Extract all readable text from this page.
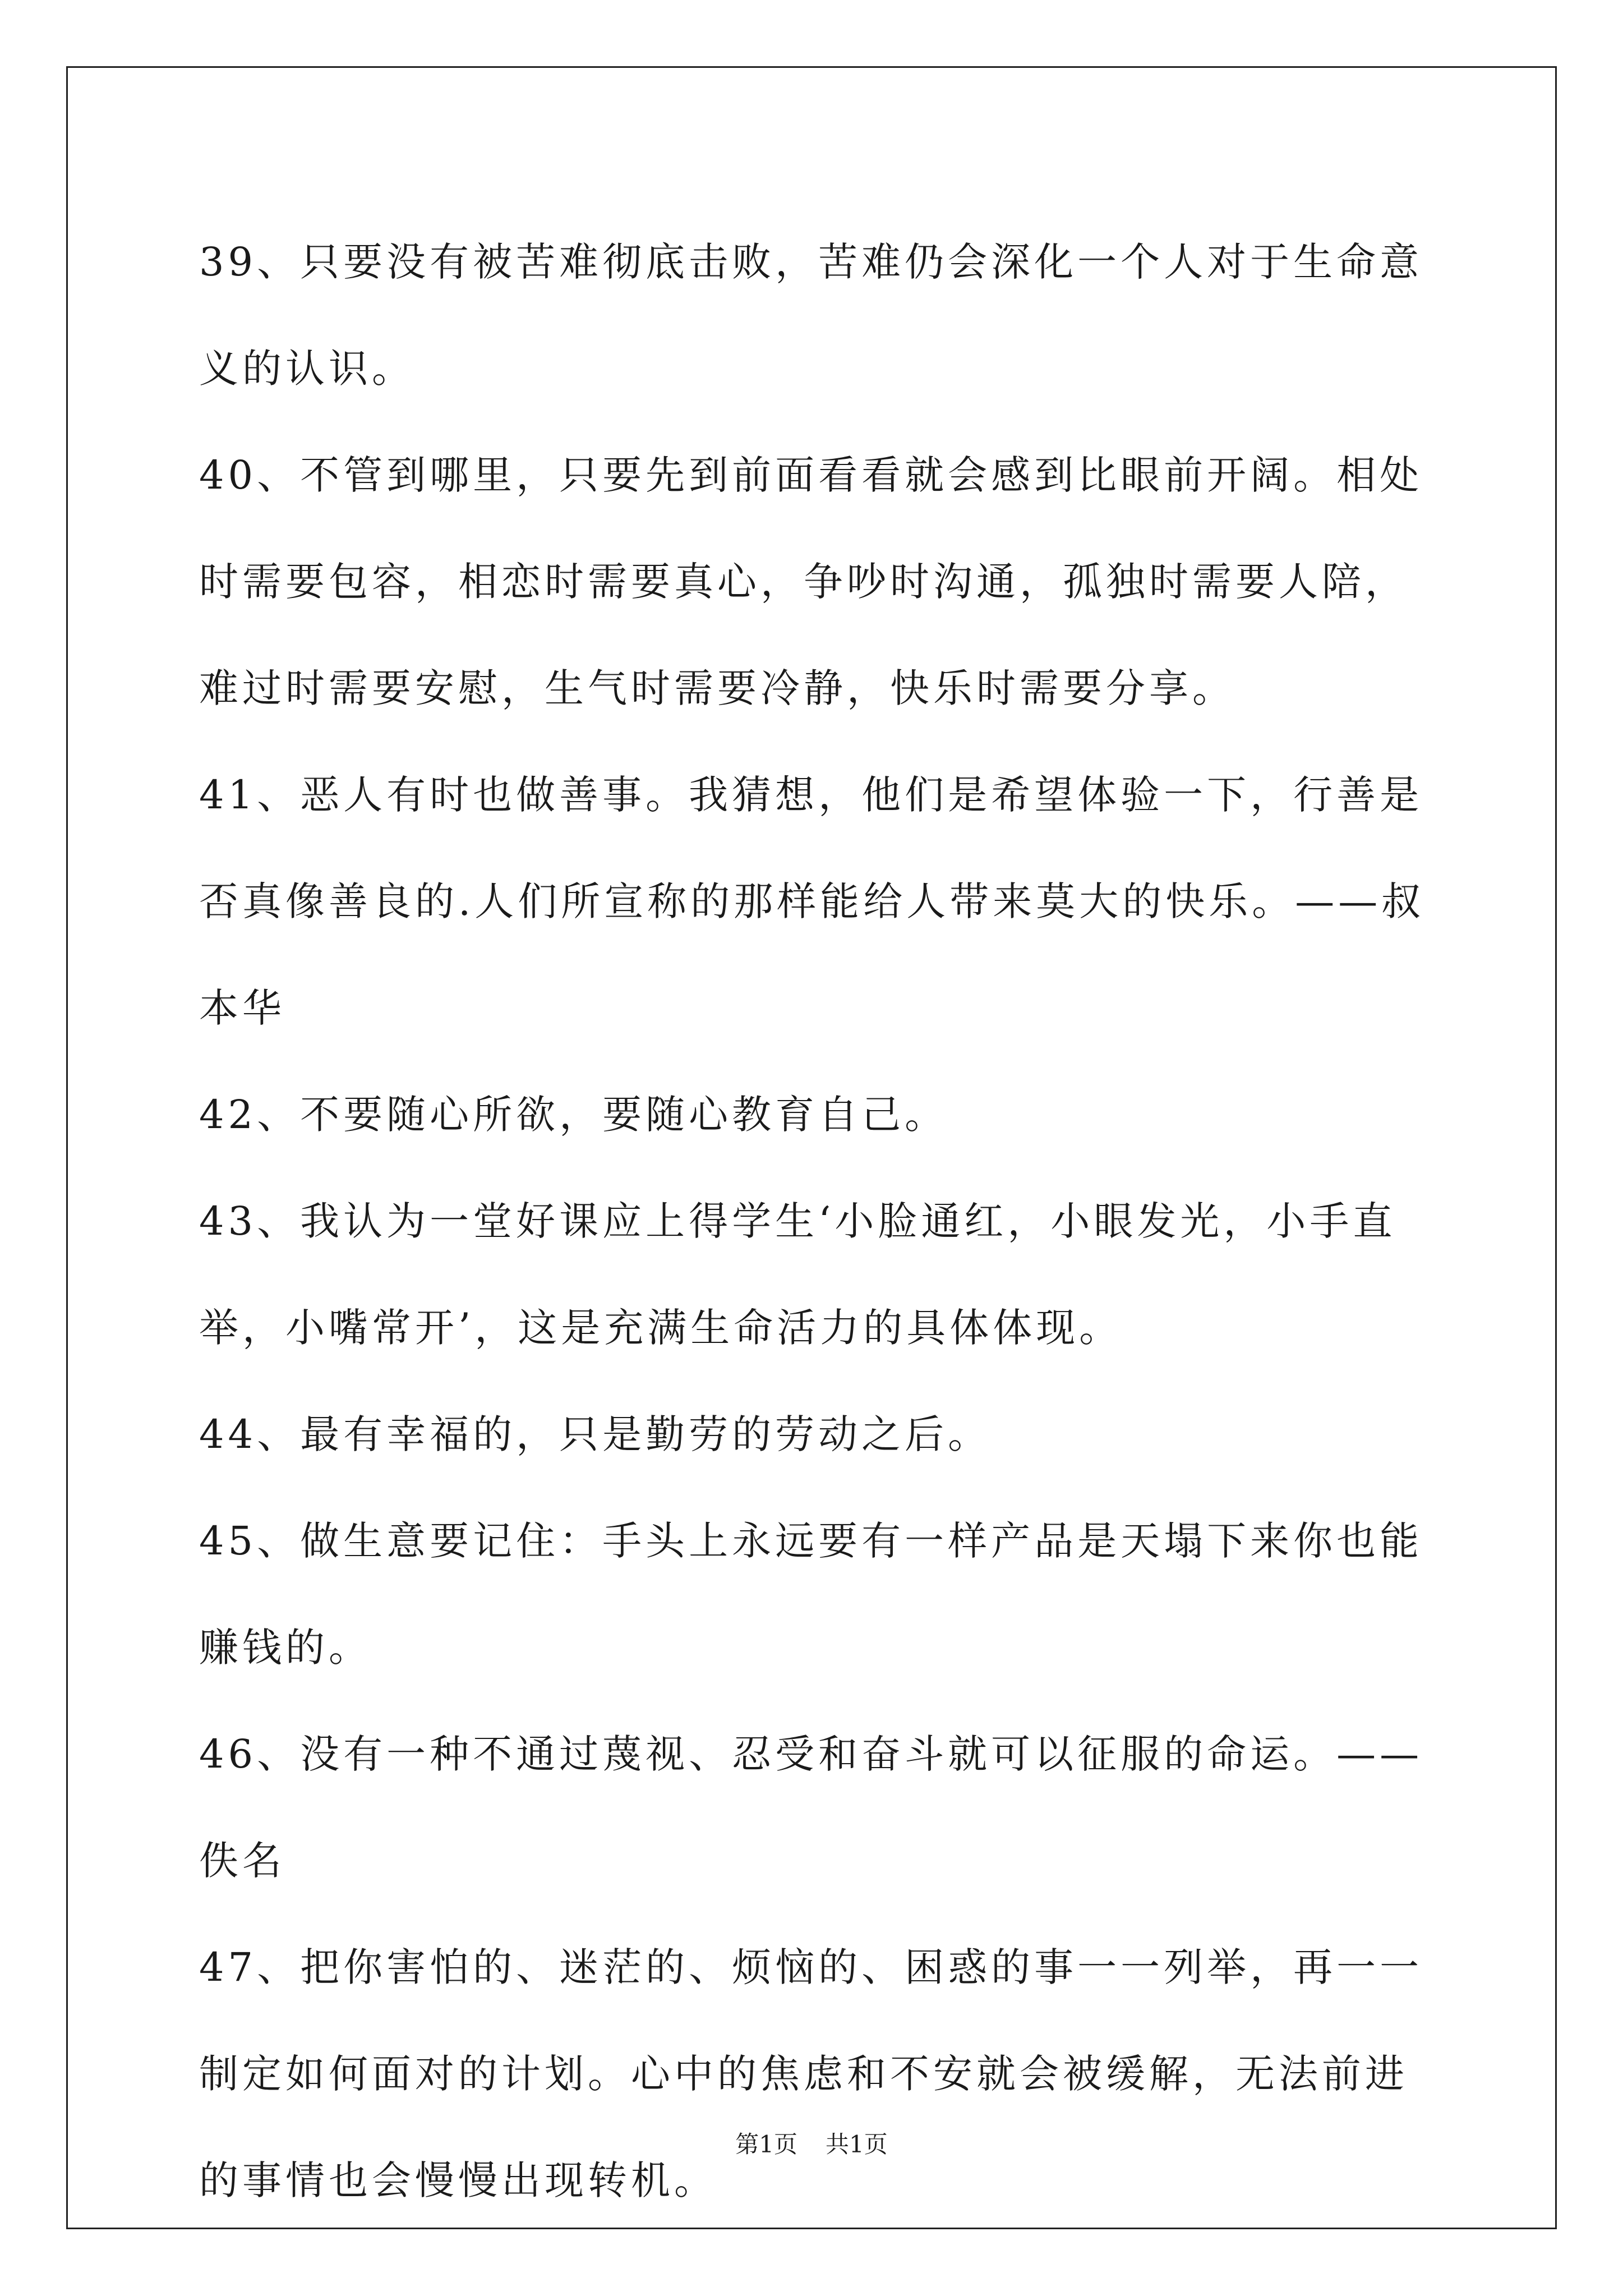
39、只要没有被苦难彻底击败，苦难仍会深化一个人对于生命意义的认识。

40、不管到哪里，只要先到前面看看就会感到比眼前开阔。相处时需要包容，相恋时需要真心，争吵时沟通，孤独时需要人陪，难过时需要安慰，生气时需要冷静，快乐时需要分享。

41、恶人有时也做善事。我猜想，他们是希望体验一下，行善是否真像善良的.人们所宣称的那样能给人带来莫大的快乐。——叔本华

42、不要随心所欲，要随心教育自己。

43、我认为一堂好课应上得学生‘小脸通红，小眼发光，小手直举，小嘴常开’，这是充满生命活力的具体体现。

44、最有幸福的，只是勤劳的劳动之后。

45、做生意要记住：手头上永远要有一样产品是天塌下来你也能赚钱的。

46、没有一种不通过蔑视、忍受和奋斗就可以征服的命运。——佚名

47、把你害怕的、迷茫的、烦恼的、困惑的事一一列举，再一一制定如何面对的计划。心中的焦虑和不安就会被缓解，无法前进的事情也会慢慢出现转机。

第1页 共1页
